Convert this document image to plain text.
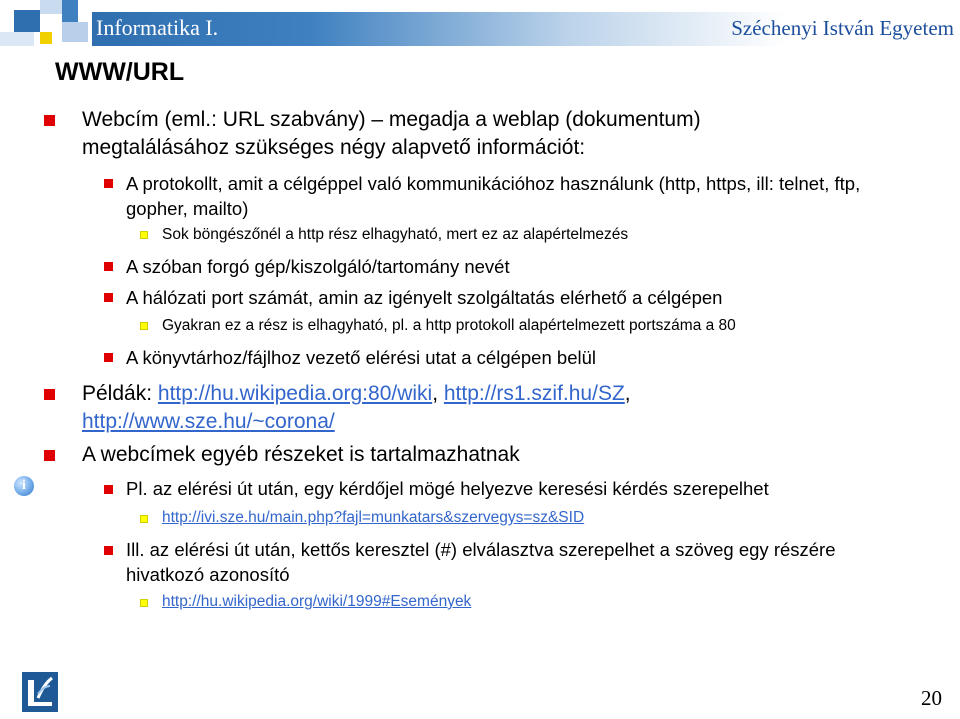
Informatika I.	Széchenyi István Egyetem
WWW/URL
Webcím (eml.: URL szabvány) – megadja a weblap (dokumentum) megtalálásához szükséges négy alapvető információt:
A protokollt, amit a célgéppel való kommunikációhoz használunk (http, https, ill: telnet, ftp, gopher, mailto)
Sok böngészőnél a http rész elhagyható, mert ez az alapértelmezés
A szóban forgó gép/kiszolgáló/tartomány nevét
A hálózati port számát, amin az igényelt szolgáltatás elérhető a célgépen
Gyakran ez a rész is elhagyható, pl. a http protokoll alapértelmezett portszáma a 80
A könyvtárhoz/fájlhoz vezető elérési utat a célgépen belül
Példák: http://hu.wikipedia.org:80/wiki, http://rs1.szif.hu/SZ, http://www.sze.hu/~corona/
A webcímek egyéb részeket is tartalmazhatnak
i	Pl. az elérési út után, egy kérdőjel mögé helyezve keresési kérdés szerepelhet
http://ivi.sze.hu/main.php?fajl=munkatars&szervegys=sz&SID
Ill. az elérési út után, kettős keresztel (#) elválasztva szerepelhet a szöveg egy részére hivatkozó azonosító
http://hu.wikipedia.org/wiki/1999#Események
20
